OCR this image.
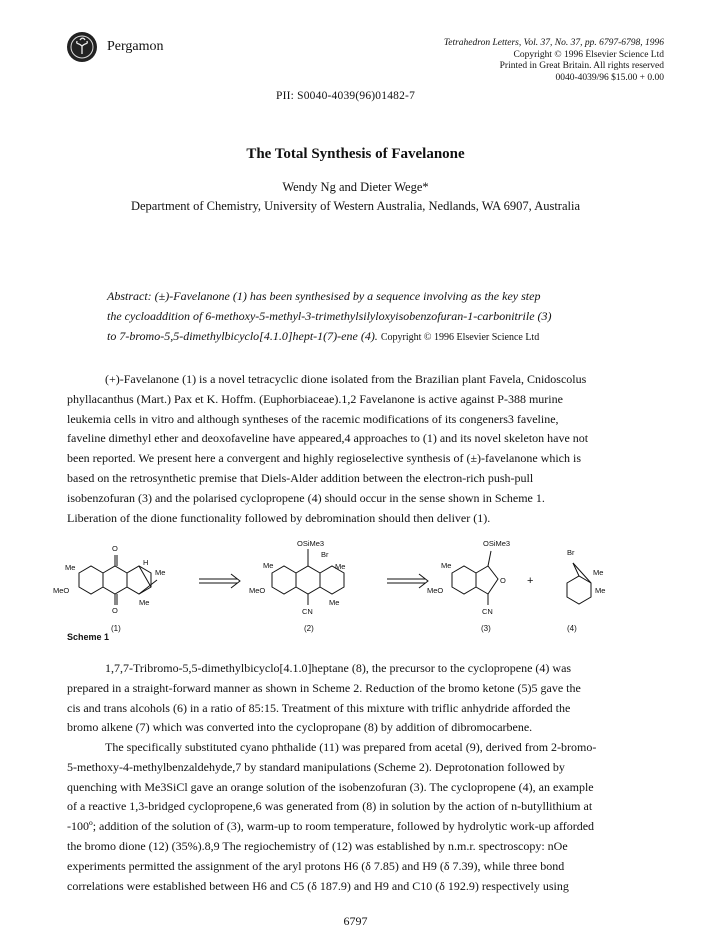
Pergamon	Tetrahedron Letters, Vol. 37, No. 37, pp. 6797-6798, 1996
Copyright © 1996 Elsevier Science Ltd
Printed in Great Britain. All rights reserved
0040-4039/96 $15.00 + 0.00
PII: S0040-4039(96)01482-7
The Total Synthesis of Favelanone
Wendy Ng and Dieter Wege*
Department of Chemistry, University of Western Australia, Nedlands, WA 6907, Australia
Abstract: (±)-Favelanone (1) has been synthesised by a sequence involving as the key step
the cycloaddition of 6-methoxy-5-methyl-3-trimethylsilyloxyisobenzofuran-1-carbonitrile (3)
to 7-bromo-5,5-dimethylbicyclo[4.1.0]hept-1(7)-ene (4). Copyright © 1996 Elsevier Science Ltd
(+)-Favelanone (1) is a novel tetracyclic dione isolated from the Brazilian plant Favela, Cnidoscolus
phyllacanthus (Mart.) Pax et K. Hoffm. (Euphorbiaceae).1,2 Favelanone is active against P-388 murine
leukemia cells in vitro and although syntheses of the racemic modifications of its congeners3 faveline,
faveline dimethyl ether and deoxofaveline have appeared,4 approaches to (1) and its novel skeleton have not
been reported. We present here a convergent and highly regioselective synthesis of (±)-favelanone which is
based on the retrosynthetic premise that Diels-Alder addition between the electron-rich push-pull
isobenzofuran (3) and the polarised cyclopropene (4) should occur in the sense shown in Scheme 1.
Liberation of the dione functionality followed by debromination should then deliver (1).
O
O
Me
MeO
H
Me
Me
(1)
OSiMe3
Br
Me
Me
MeO
CN
Me
(2)
OSiMe3
O
Me
MeO
CN
(3)
+
Br
Me
Me
(4)
Scheme 1
1,7,7-Tribromo-5,5-dimethylbicyclo[4.1.0]heptane (8), the precursor to the cyclopropene (4) was
prepared in a straight-forward manner as shown in Scheme 2. Reduction of the bromo ketone (5)5 gave the
cis and trans alcohols (6) in a ratio of 85:15. Treatment of this mixture with triflic anhydride afforded the
bromo alkene (7) which was converted into the cyclopropane (8) by addition of dibromocarbene.
The specifically substituted cyano phthalide (11) was prepared from acetal (9), derived from 2-bromo-
5-methoxy-4-methylbenzaldehyde,7 by standard manipulations (Scheme 2). Deprotonation followed by
quenching with Me3SiCl gave an orange solution of the isobenzofuran (3). The cyclopropene (4), an example
of a reactive 1,3-bridged cyclopropene,6 was generated from (8) in solution by the action of n-butyllithium at
-100º; addition of the solution of (3), warm-up to room temperature, followed by hydrolytic work-up afforded
the bromo dione (12) (35%).8,9 The regiochemistry of (12) was established by n.m.r. spectroscopy: nOe
experiments permitted the assignment of the aryl protons H6 (δ 7.85) and H9 (δ 7.39), while three bond
correlations were established between H6 and C5 (δ 187.9) and H9 and C10 (δ 192.9) respectively using
6797
